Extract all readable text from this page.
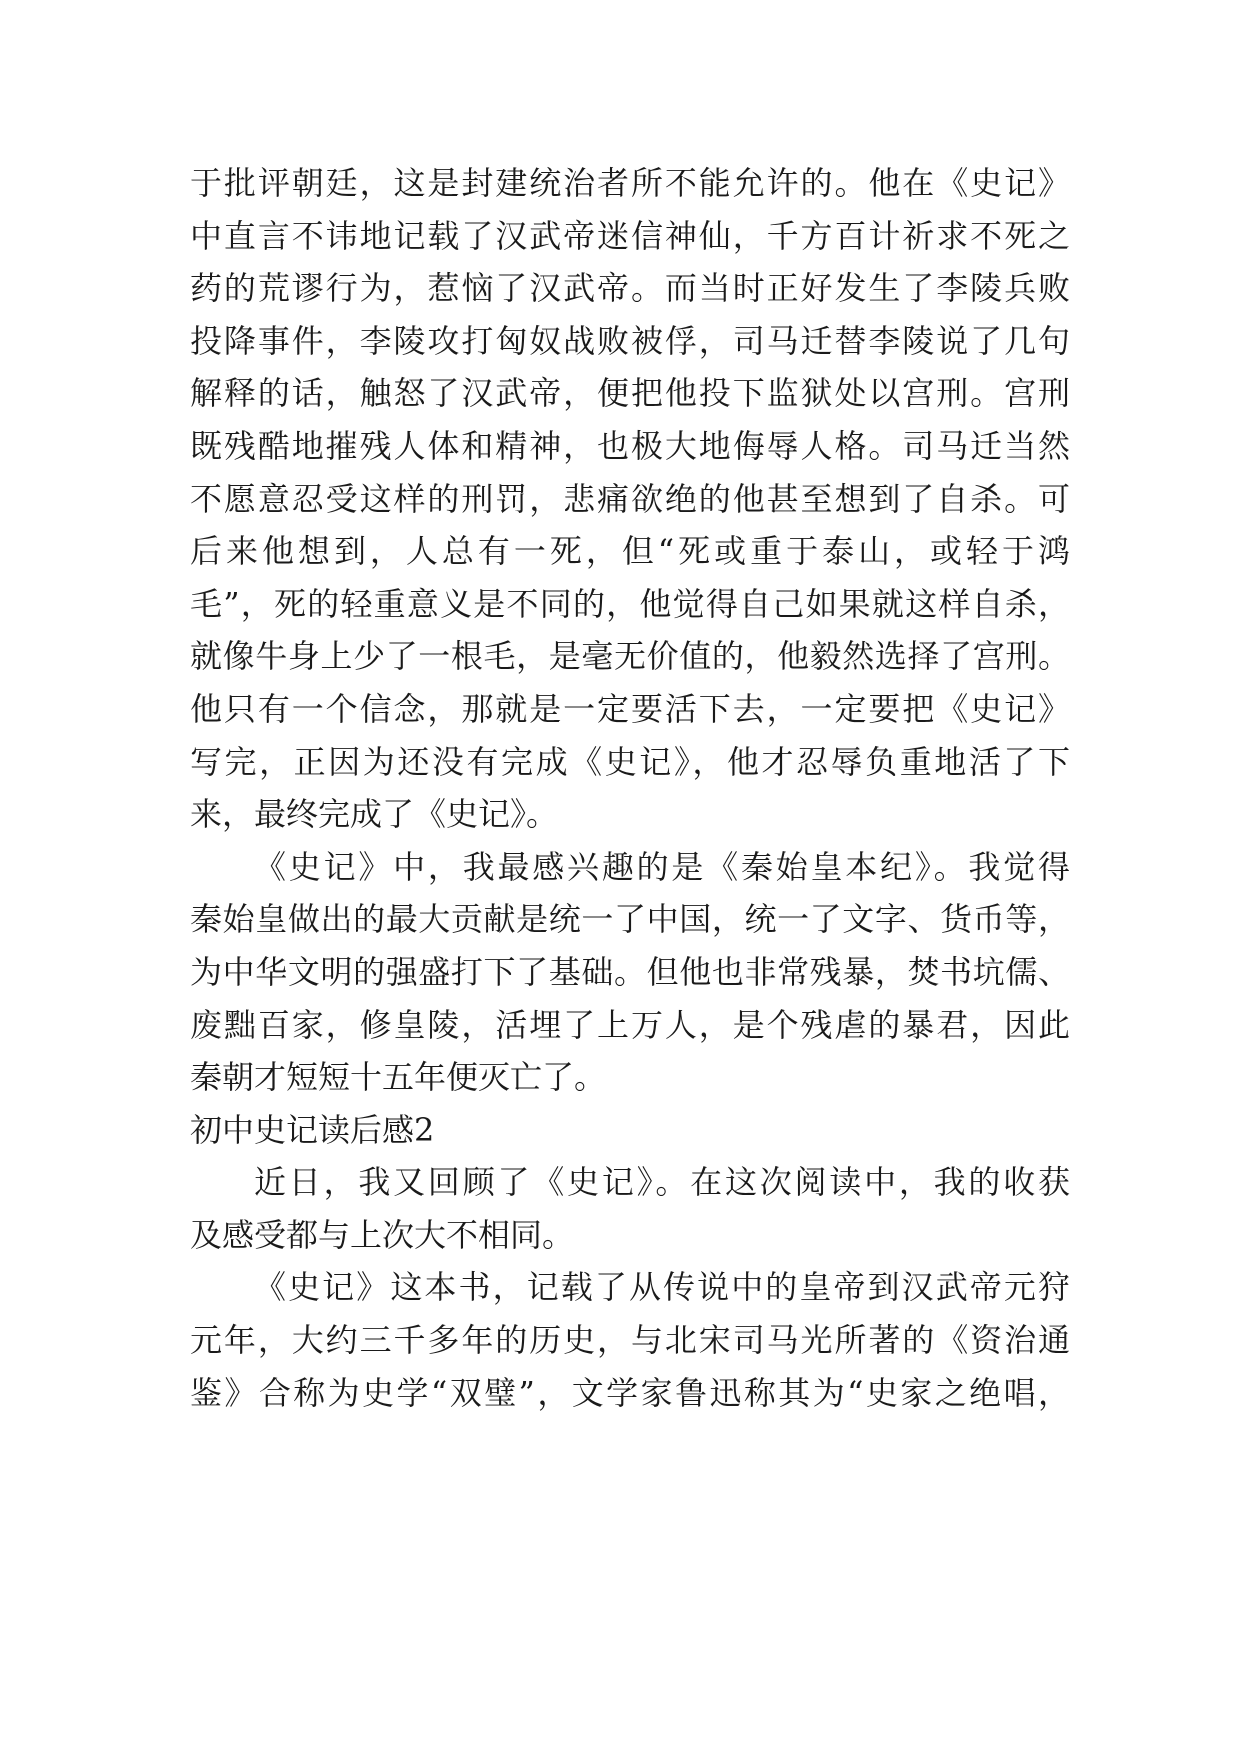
于批评朝廷，这是封建统治者所不能允许的。他在《史记》
中直言不讳地记载了汉武帝迷信神仙，千方百计祈求不死之
药的荒谬行为，惹恼了汉武帝。而当时正好发生了李陵兵败
投降事件，李陵攻打匈奴战败被俘，司马迁替李陵说了几句
解释的话，触怒了汉武帝，便把他投下监狱处以宫刑。宫刑
既残酷地摧残人体和精神，也极大地侮辱人格。司马迁当然
不愿意忍受这样的刑罚，悲痛欲绝的他甚至想到了自杀。可
后来他想到，人总有一死，但“死或重于泰山，或轻于鸿
毛”，死的轻重意义是不同的，他觉得自己如果就这样自杀，
就像牛身上少了一根毛，是毫无价值的，他毅然选择了宫刑。
他只有一个信念，那就是一定要活下去，一定要把《史记》
写完，正因为还没有完成《史记》，他才忍辱负重地活了下
来，最终完成了《史记》。
《史记》中，我最感兴趣的是《秦始皇本纪》。我觉得
秦始皇做出的最大贡献是统一了中国，统一了文字、货币等，
为中华文明的强盛打下了基础。但他也非常残暴，焚书坑儒、
废黜百家，修皇陵，活埋了上万人，是个残虐的暴君，因此
秦朝才短短十五年便灭亡了。
初中史记读后感2
近日，我又回顾了《史记》。在这次阅读中，我的收获
及感受都与上次大不相同。
《史记》这本书，记载了从传说中的皇帝到汉武帝元狩
元年，大约三千多年的历史，与北宋司马光所著的《资治通
鉴》合称为史学“双璧”，文学家鲁迅称其为“史家之绝唱，
